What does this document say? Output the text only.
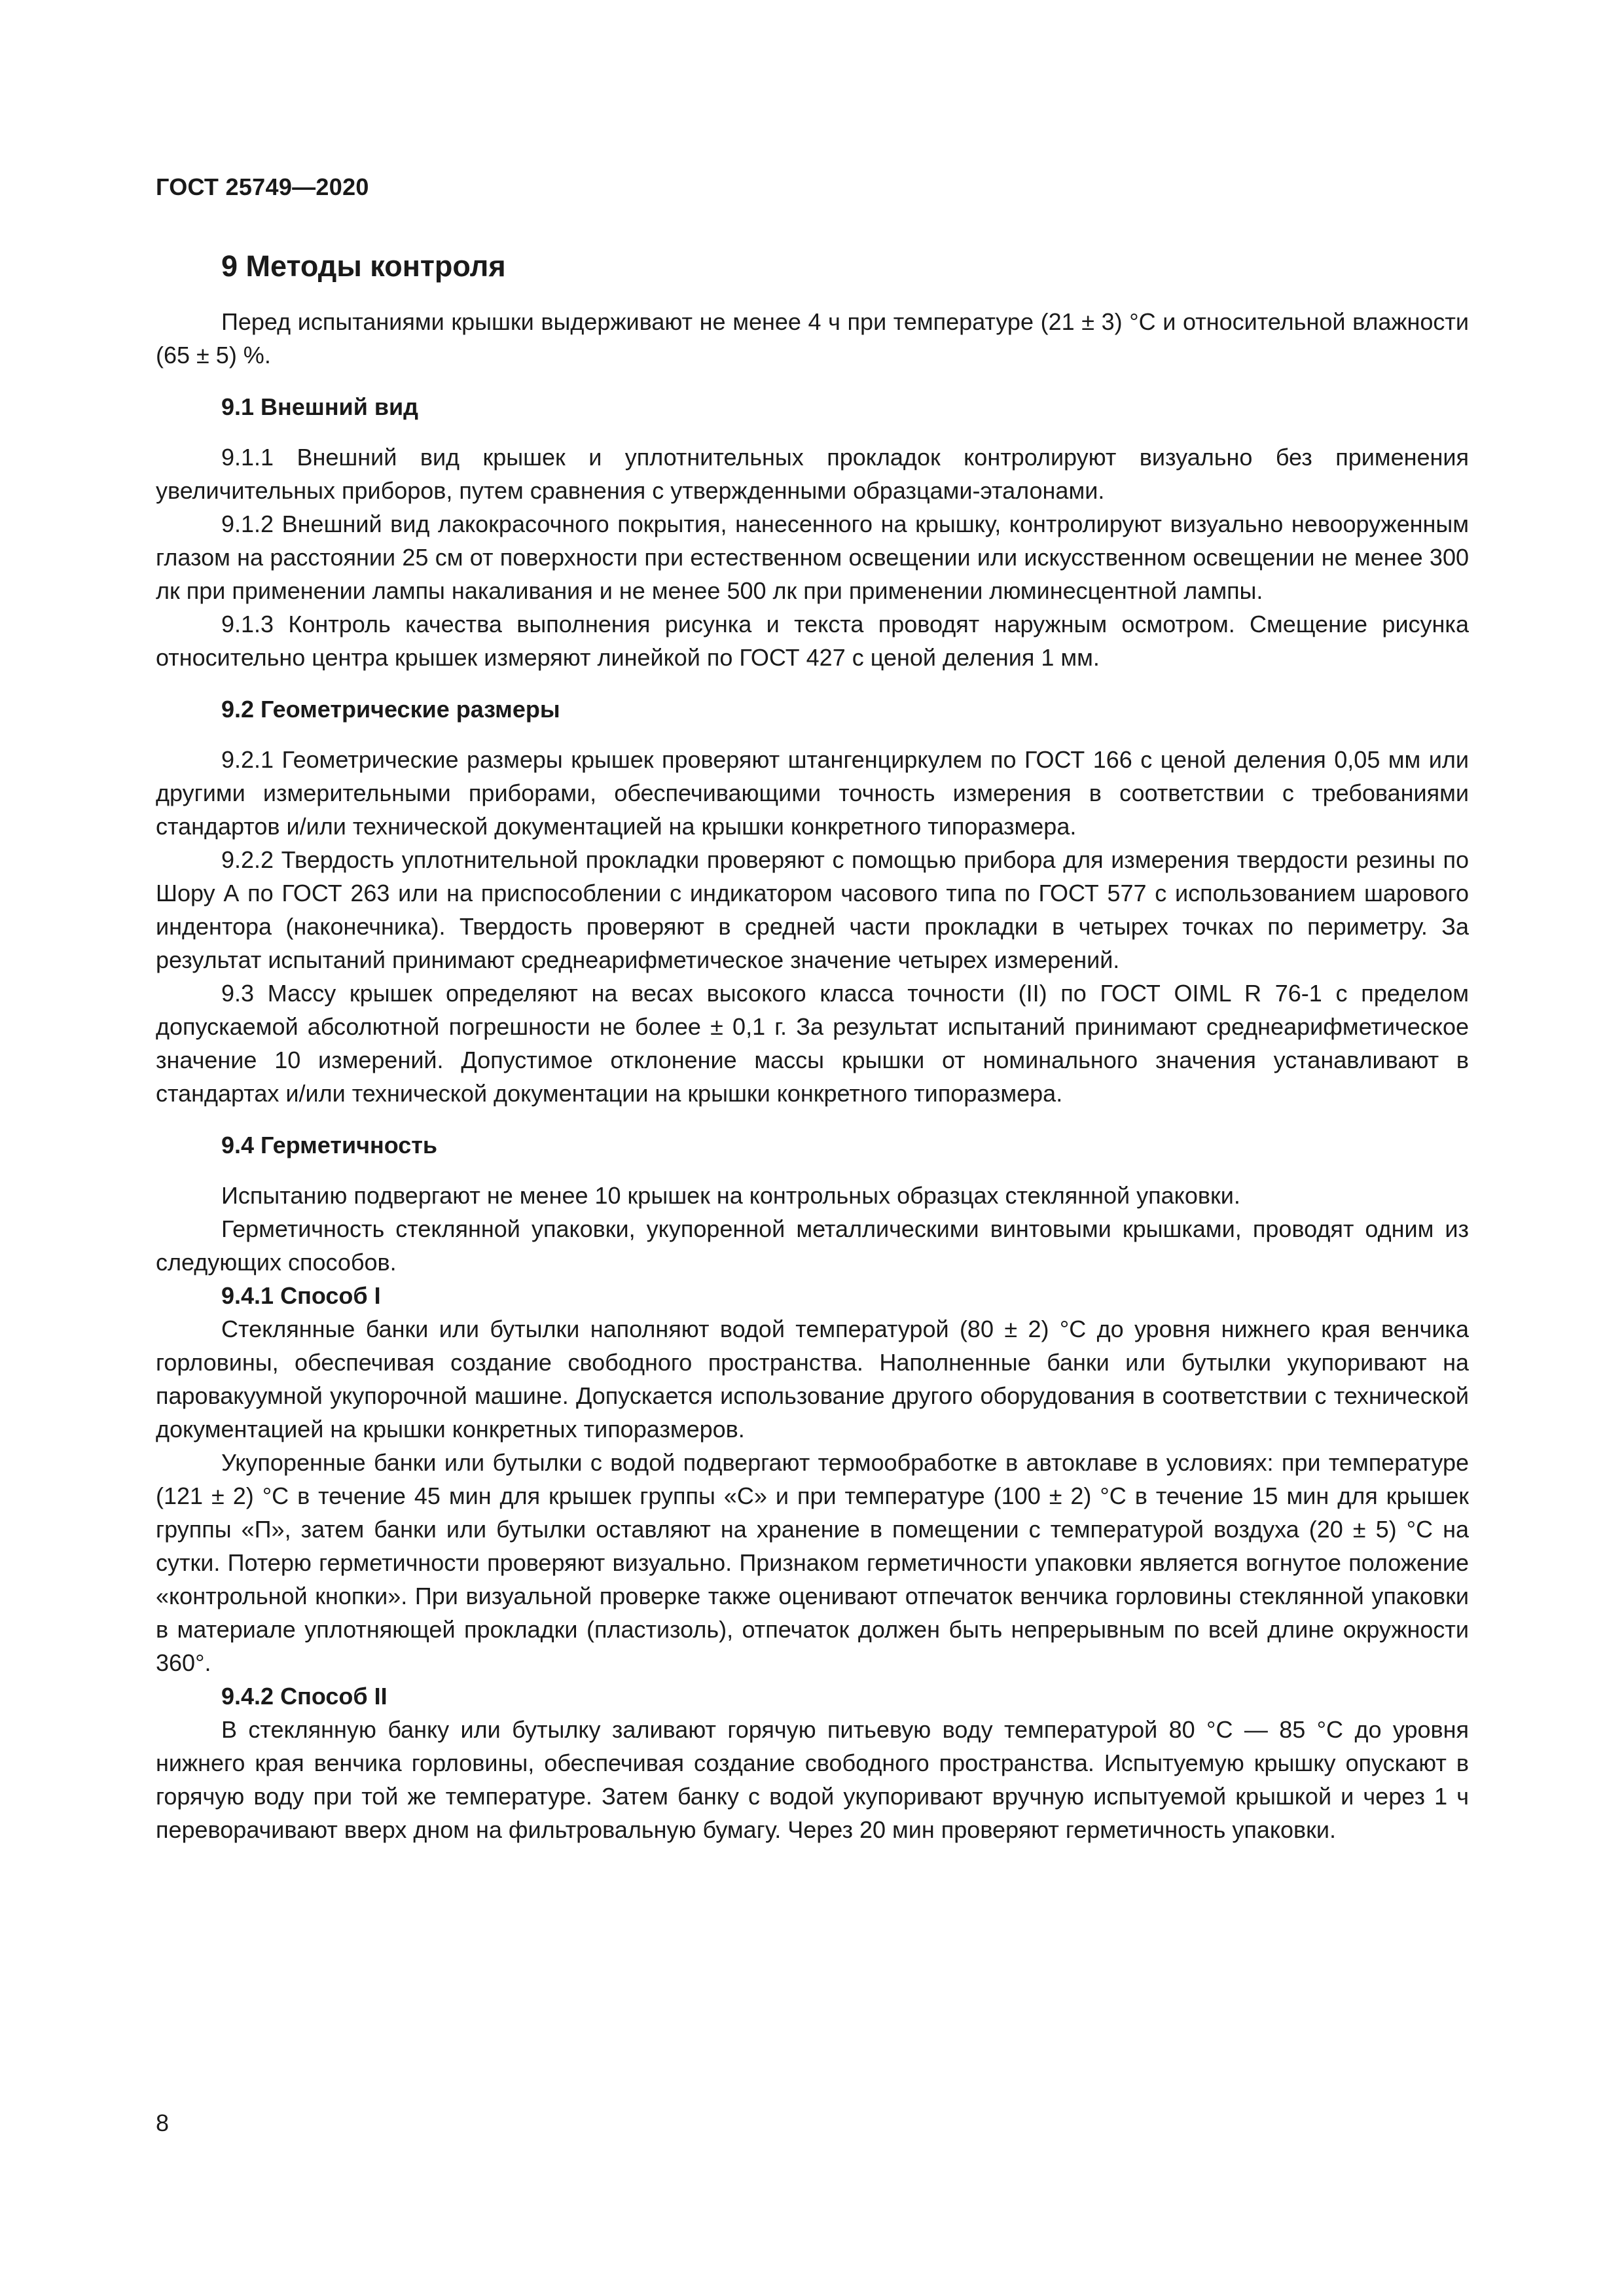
ГОСТ 25749—2020
9 Методы контроля

Перед испытаниями крышки выдерживают не менее 4 ч при температуре (21 ± 3) °С и относительной влажности (65 ± 5) %.

9.1 Внешний вид

9.1.1 Внешний вид крышек и уплотнительных прокладок контролируют визуально без применения увеличительных приборов, путем сравнения с утвержденными образцами-эталонами.

9.1.2 Внешний вид лакокрасочного покрытия, нанесенного на крышку, контролируют визуально невооруженным глазом на расстоянии 25 см от поверхности при естественном освещении или искусственном освещении не менее 300 лк при применении лампы накаливания и не менее 500 лк при применении люминесцентной лампы.

9.1.3 Контроль качества выполнения рисунка и текста проводят наружным осмотром. Смещение рисунка относительно центра крышек измеряют линейкой по ГОСТ 427 с ценой деления 1 мм.

9.2 Геометрические размеры

9.2.1 Геометрические размеры крышек проверяют штангенциркулем по ГОСТ 166 с ценой деления 0,05 мм или другими измерительными приборами, обеспечивающими точность измерения в соответствии с требованиями стандартов и/или технической документацией на крышки конкретного типоразмера.

9.2.2 Твердость уплотнительной прокладки проверяют с помощью прибора для измерения твердости резины по Шору А по ГОСТ 263 или на приспособлении с индикатором часового типа по ГОСТ 577 с использованием шарового индентора (наконечника). Твердость проверяют в средней части прокладки в четырех точках по периметру. За результат испытаний принимают среднеарифметическое значение четырех измерений.

9.3 Массу крышек определяют на весах высокого класса точности (II) по ГОСТ OIML R 76-1 с пределом допускаемой абсолютной погрешности не более ± 0,1 г. За результат испытаний принимают среднеарифметическое значение 10 измерений. Допустимое отклонение массы крышки от номинального значения устанавливают в стандартах и/или технической документации на крышки конкретного типоразмера.

9.4 Герметичность

Испытанию подвергают не менее 10 крышек на контрольных образцах стеклянной упаковки.

Герметичность стеклянной упаковки, укупоренной металлическими винтовыми крышками, проводят одним из следующих способов.

9.4.1 Способ I

Стеклянные банки или бутылки наполняют водой температурой (80 ± 2) °С до уровня нижнего края венчика горловины, обеспечивая создание свободного пространства. Наполненные банки или бутылки укупоривают на паровакуумной укупорочной машине. Допускается использование другого оборудования в соответствии с технической документацией на крышки конкретных типоразмеров.

Укупоренные банки или бутылки с водой подвергают термообработке в автоклаве в условиях: при температуре (121 ± 2) °С в течение 45 мин для крышек группы «С» и при температуре (100 ± 2) °С в течение 15 мин для крышек группы «П», затем банки или бутылки оставляют на хранение в помещении с температурой воздуха (20 ± 5) °С на сутки. Потерю герметичности проверяют визуально. Признаком герметичности упаковки является вогнутое положение «контрольной кнопки». При визуальной проверке также оценивают отпечаток венчика горловины стеклянной упаковки в материале уплотняющей прокладки (пластизоль), отпечаток должен быть непрерывным по всей длине окружности 360°.

9.4.2 Способ II

В стеклянную банку или бутылку заливают горячую питьевую воду температурой 80 °С — 85 °С до уровня нижнего края венчика горловины, обеспечивая создание свободного пространства. Испытуемую крышку опускают в горячую воду при той же температуре. Затем банку с водой укупоривают вручную испытуемой крышкой и через 1 ч переворачивают вверх дном на фильтровальную бумагу. Через 20 мин проверяют герметичность упаковки.

8
